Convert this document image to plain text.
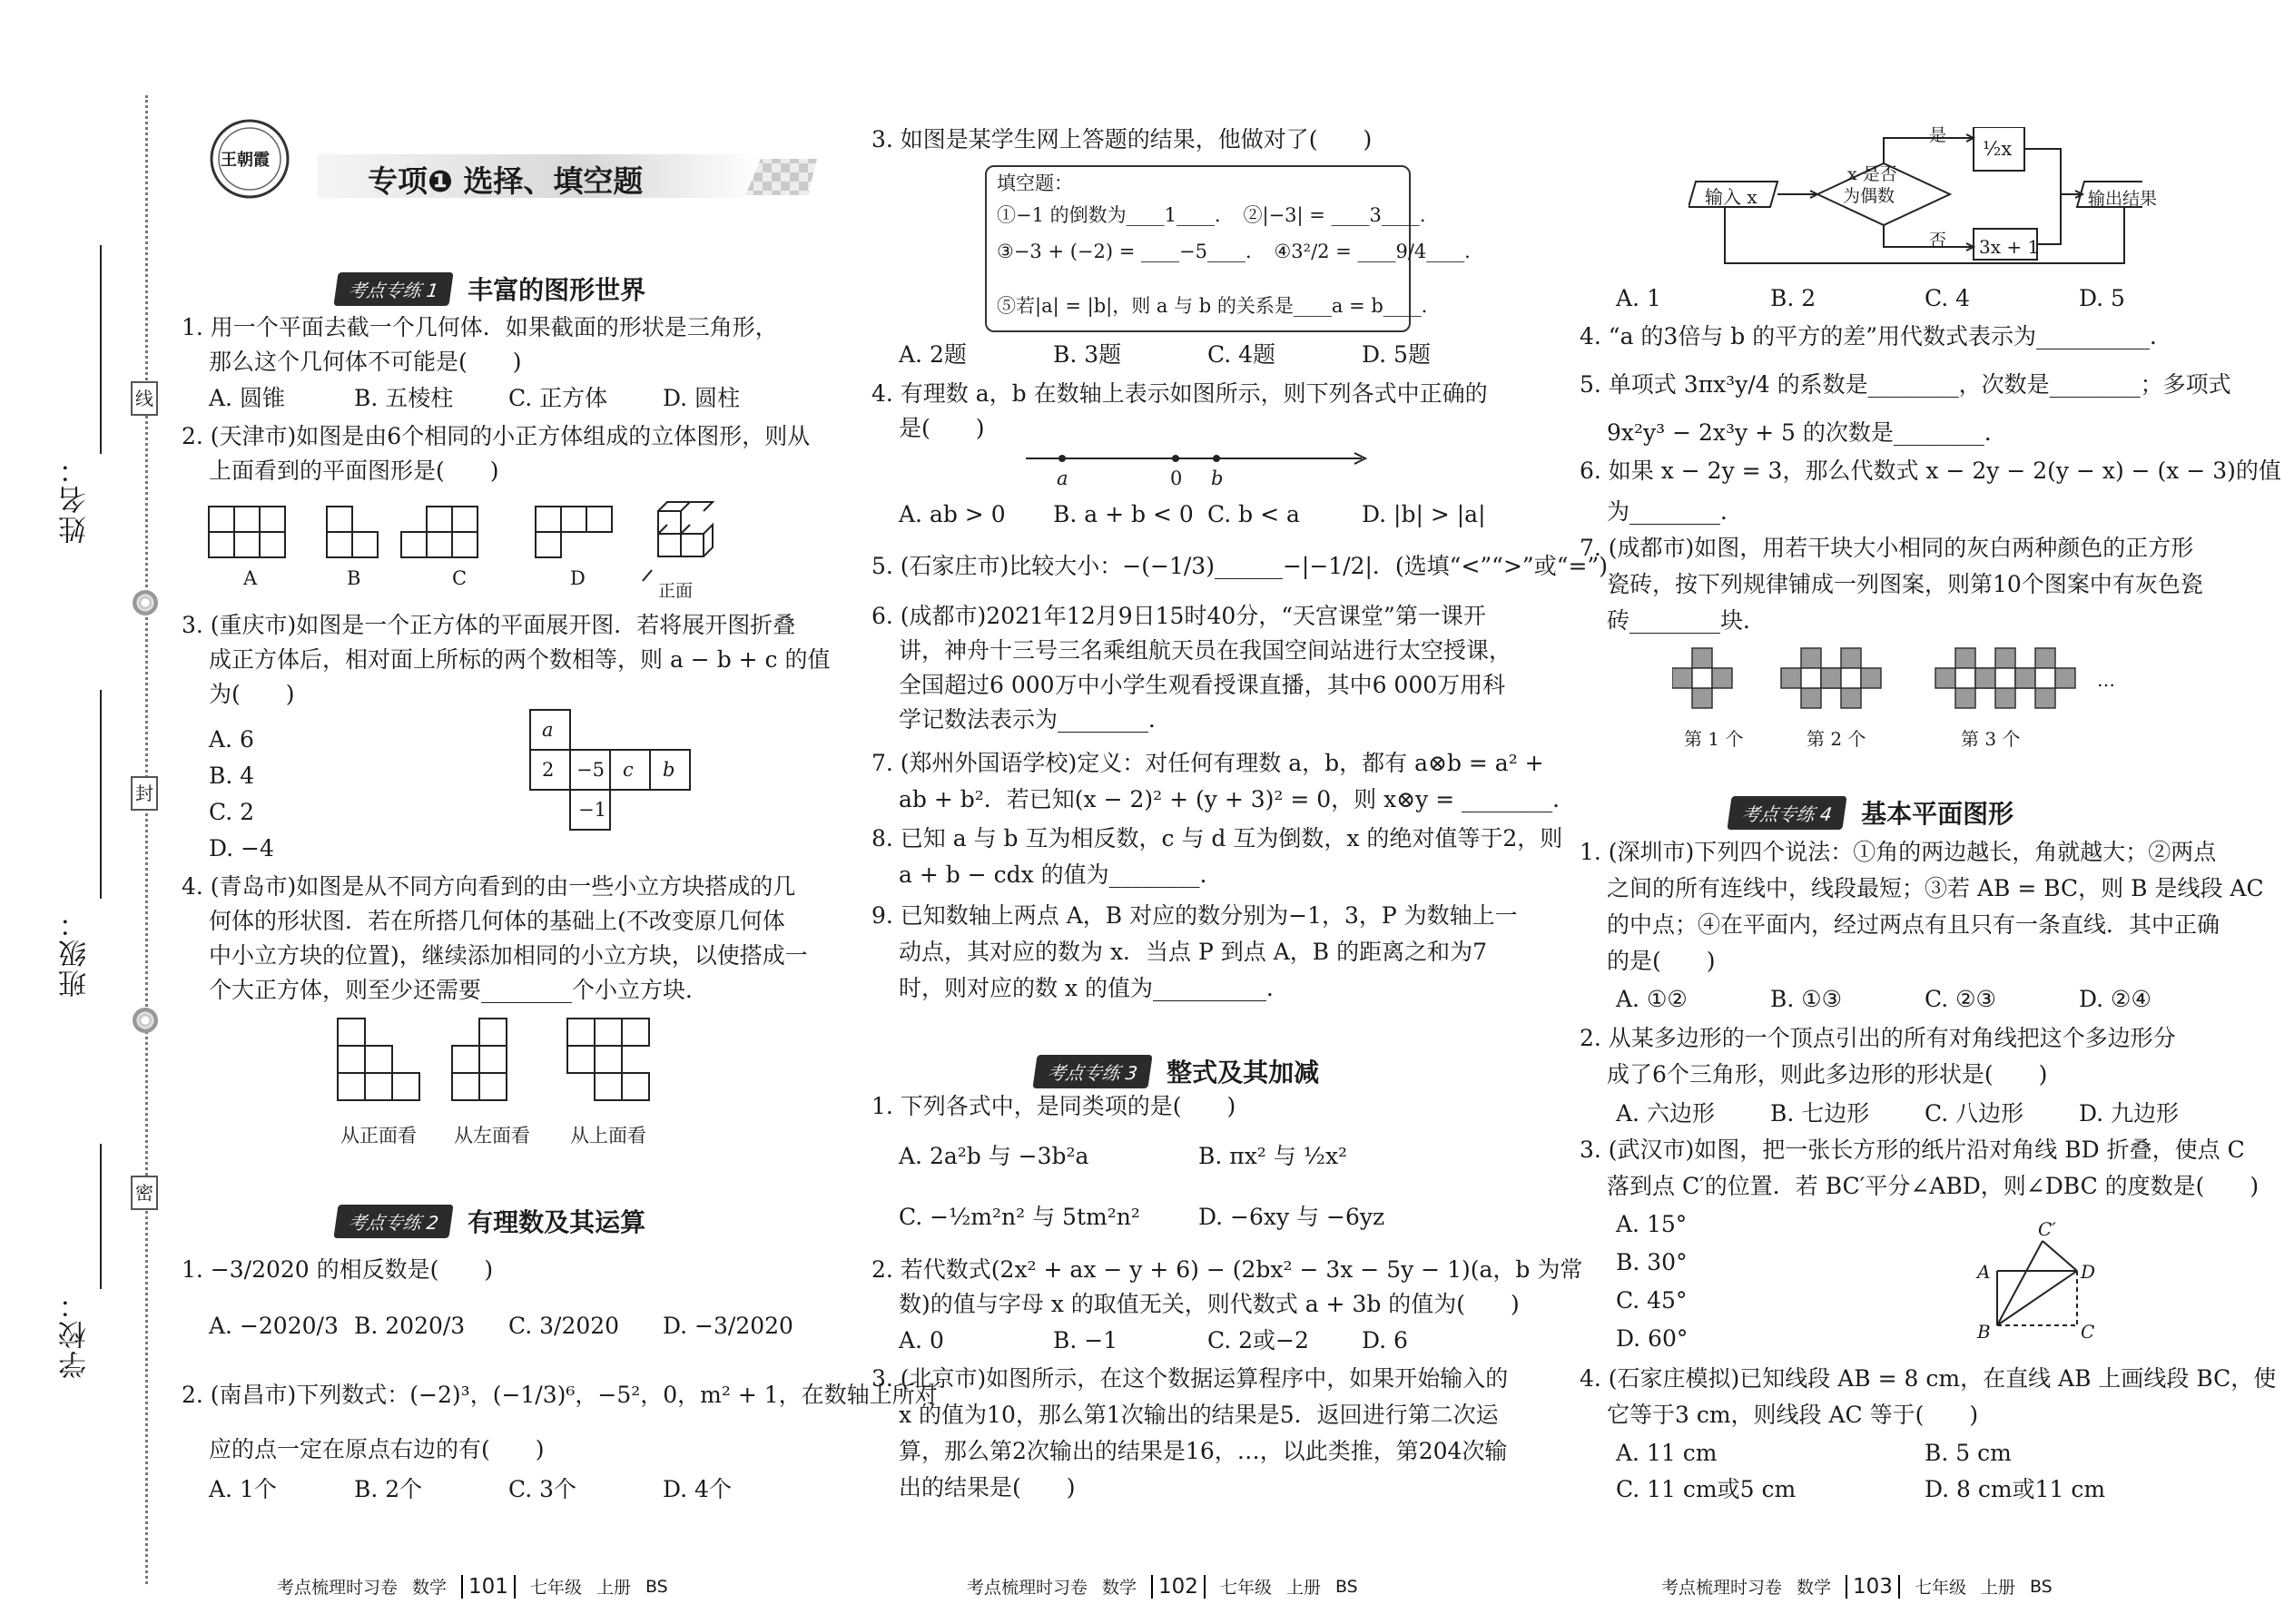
姓名：
班级：
学校：
线
封
密
王朝霞
专项❶ 选择、填空题
考点专练 1	丰富的图形世界
1. 用一个平面去截一个几何体．如果截面的形状是三角形，
那么这个几何体不可能是(　　)
A. 圆锥	B. 五棱柱 C. 正方体 D. 圆柱
2. (天津市)如图是由6个相同的小正方体组成的立体图形，则从
上面看到的平面图形是(　　)
A	B	C	D
正面
3. (重庆市)如图是一个正方体的平面展开图．若将展开图折叠
成正方体后，相对面上所标的两个数相等，则 a − b + c 的值
为(　　)
A. 6
B. 4
C. 2
D. −4
a
2 −5 c b
−1
4. (青岛市)如图是从不同方向看到的由一些小立方块搭成的几
何体的形状图．若在所搭几何体的基础上(不改变原几何体
中小立方块的位置)，继续添加相同的小立方块，以使搭成一
个大正方体，则至少还需要________个小立方块．
从正面看 从左面看 从上面看
考点专练 2	有理数及其运算
1. −3/2020 的相反数是(　　)
A. −2020/3 B. 2020/3 C. 3/2020 D. −3/2020
2. (南昌市)下列数式：(−2)³，(−1/3)⁶，−5²，0，m² + 1，在数轴上所对
应的点一定在原点右边的有(　　)
A. 1个	B. 2个	C. 3个	D. 4个
考点梳理时习卷 数学	101	七年级 上册 BS
3. 如图是某学生网上答题的结果，他做对了(　　)
填空题：
①−1 的倒数为____1____．　②|−3| = ____3____．
③−3 + (−2) = ____−5____．　④3²/2 = ____9/4____．
⑤若|a| = |b|，则 a 与 b 的关系是____a = b____．
A. 2题	B. 3题	C. 4题	D. 5题
4. 有理数 a，b 在数轴上表示如图所示，则下列各式中正确的
是(　　)
a	0 b
A. ab > 0 B. a + b < 0 C. b < a	D. |b| > |a|
5. (石家庄市)比较大小：−(−1/3)______−|−1/2|．(选填“<”“>”或“=”)
6. (成都市)2021年12月9日15时40分，“天宫课堂”第一课开
讲，神舟十三号三名乘组航天员在我国空间站进行太空授课，
全国超过6 000万中小学生观看授课直播，其中6 000万用科
学记数法表示为________．
7. (郑州外国语学校)定义：对任何有理数 a，b，都有 a⊗b = a² +
ab + b²．若已知(x − 2)² + (y + 3)² = 0，则 x⊗y = ________．
8. 已知 a 与 b 互为相反数，c 与 d 互为倒数，x 的绝对值等于2，则
a + b − cdx 的值为________．
9. 已知数轴上两点 A，B 对应的数分别为−1，3，P 为数轴上一
动点，其对应的数为 x．当点 P 到点 A，B 的距离之和为7
时，则对应的数 x 的值为__________．
考点专练 3	整式及其加减
1. 下列各式中，是同类项的是(　　)
A. 2a²b 与 −3b²a	B. πx² 与 ½x²
C. −½m²n² 与 5tm²n²	D. −6xy 与 −6yz
2. 若代数式(2x² + ax − y + 6) − (2bx² − 3x − 5y − 1)(a，b 为常
数)的值与字母 x 的取值无关，则代数式 a + 3b 的值为(　　)
A. 0	B. −1	C. 2或−2 D. 6
3. (北京市)如图所示，在这个数据运算程序中，如果开始输入的
x 的值为10，那么第1次输出的结果是5．返回进行第二次运
算，那么第2次输出的结果是16，…，以此类推，第204次输
出的结果是(　　)
考点梳理时习卷 数学	102	七年级 上册 BS
输入 x
x 是否
为偶数
是
否
½x
3x + 1
输出结果
A. 1	B. 2	C. 4	D. 5
4. “a 的3倍与 b 的平方的差”用代数式表示为__________．
5. 单项式 3πx³y/4 的系数是________，次数是________；多项式
9x²y³ − 2x³y + 5 的次数是________．
6. 如果 x − 2y = 3，那么代数式 x − 2y − 2(y − x) − (x − 3)的值
为________．
7. (成都市)如图，用若干块大小相同的灰白两种颜色的正方形
瓷砖，按下列规律铺成一列图案，则第10个图案中有灰色瓷
砖________块．
第 1 个	第 2 个	第 3 个
…
考点专练 4	基本平面图形
1. (深圳市)下列四个说法：①角的两边越长，角就越大；②两点
之间的所有连线中，线段最短；③若 AB = BC，则 B 是线段 AC
的中点；④在平面内，经过两点有且只有一条直线．其中正确
的是(　　)
A. ①②	B. ①③	C. ②③	D. ②④
2. 从某多边形的一个顶点引出的所有对角线把这个多边形分
成了6个三角形，则此多边形的形状是(　　)
A. 六边形 B. 七边形 C. 八边形 D. 九边形
3. (武汉市)如图，把一张长方形的纸片沿对角线 BD 折叠，使点 C
落到点 C′的位置．若 BC′平分∠ABD，则∠DBC 的度数是(　　)
A. 15°
B. 30°
C. 45°
D. 60°
C′
A	D
B	C
4. (石家庄模拟)已知线段 AB = 8 cm，在直线 AB 上画线段 BC，使
它等于3 cm，则线段 AC 等于(　　)
A. 11 cm	B. 5 cm
C. 11 cm或5 cm	D. 8 cm或11 cm
考点梳理时习卷 数学	103	七年级 上册 BS
